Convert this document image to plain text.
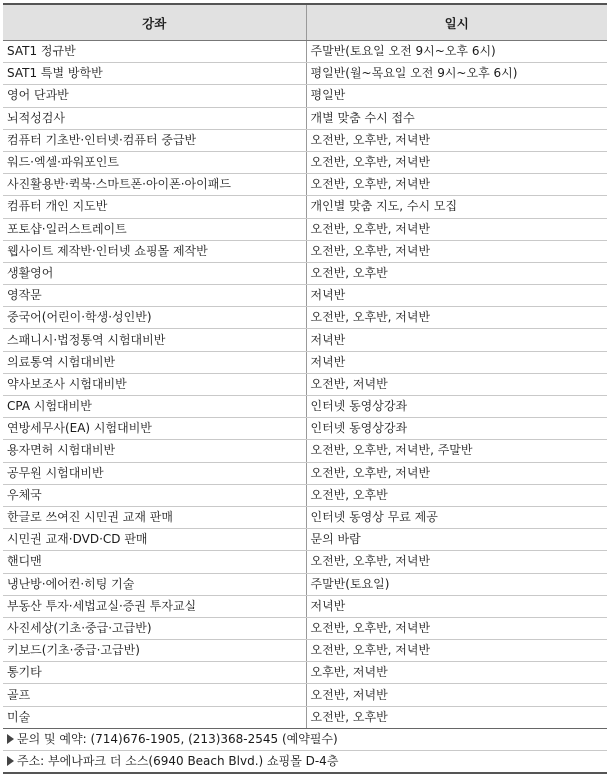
강좌	일시
SAT1 정규반	주말반(토요일 오전 9시~오후 6시)
SAT1 특별 방학반	평일반(월~목요일 오전 9시~오후 6시)
영어 단과반	평일반
뇌적성검사	개별 맞춤 수시 접수
컴퓨터 기초반·인터넷·컴퓨터 중급반	오전반, 오후반, 저녁반
워드·엑셀·파워포인트	오전반, 오후반, 저녁반
사진활용반·퀵북·스마트폰·아이폰·아이패드	오전반, 오후반, 저녁반
컴퓨터 개인 지도반	개인별 맞춤 지도, 수시 모집
포토샵·일러스트레이트	오전반, 오후반, 저녁반
웹사이트 제작반·인터넷 쇼핑몰 제작반	오전반, 오후반, 저녁반
생활영어	오전반, 오후반
영작문	저녁반
중국어(어린이·학생·성인반)	오전반, 오후반, 저녁반
스패니시·법정통역 시험대비반	저녁반
의료통역 시험대비반	저녁반
약사보조사 시험대비반	오전반, 저녁반
CPA 시험대비반	인터넷 동영상강좌
연방세무사(EA) 시험대비반	인터넷 동영상강좌
용자면허 시험대비반	오전반, 오후반, 저녁반, 주말반
공무원 시험대비반	오전반, 오후반, 저녁반
우체국	오전반, 오후반
한글로 쓰여진 시민권 교재 판매	인터넷 동영상 무료 제공
시민권 교재·DVD·CD 판매	문의 바람
핸디맨	오전반, 오후반, 저녁반
냉난방·에어컨·히팅 기술	주말반(토요일)
부동산 투자·세법교실·증권 투자교실	저녁반
사진세상(기초·중급·고급반)	오전반, 오후반, 저녁반
키보드(기초·중급·고급반)	오전반, 오후반, 저녁반
통기타	오후반, 저녁반
골프	오전반, 저녁반
미술	오전반, 오후반
문의 및 예약: (714)676-1905, (213)368-2545 (예약필수)
주소: 부에나파크 더 소스(6940 Beach Blvd.) 쇼핑몰 D-4층
